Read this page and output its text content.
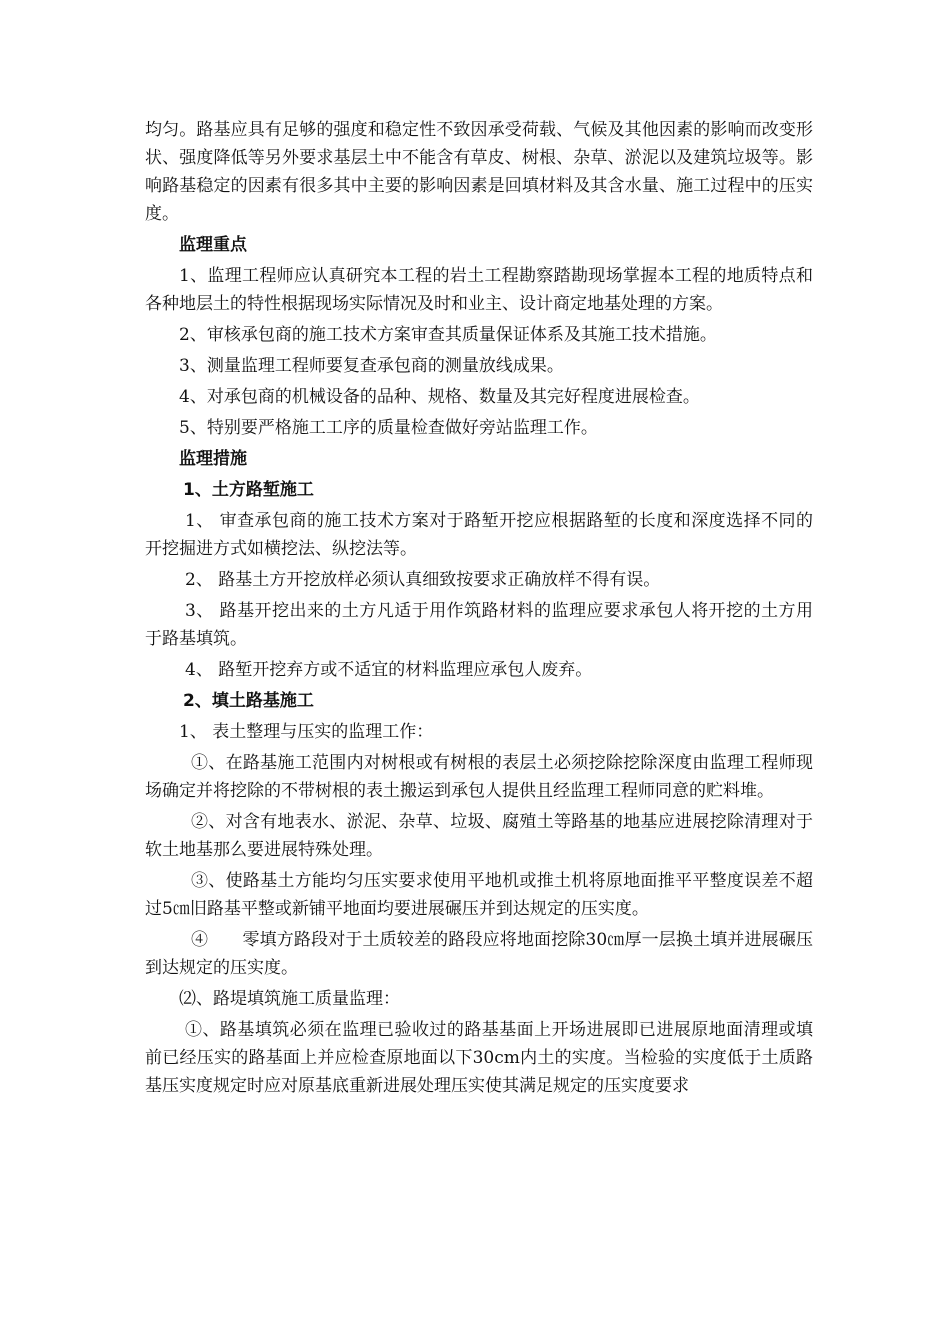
均匀。路基应具有足够的强度和稳定性不致因承受荷载、气候及其他因素的影响而改变形状、强度降低等另外要求基层土中不能含有草皮、树根、杂草、淤泥以及建筑垃圾等。影响路基稳定的因素有很多其中主要的影响因素是回填材料及其含水量、施工过程中的压实度。

监理重点

1、监理工程师应认真研究本工程的岩土工程勘察踏勘现场掌握本工程的地质特点和各种地层土的特性根据现场实际情况及时和业主、设计商定地基处理的方案。

2、审核承包商的施工技术方案审查其质量保证体系及其施工技术措施。

3、测量监理工程师要复查承包商的测量放线成果。

4、对承包商的机械设备的品种、规格、数量及其完好程度进展检查。

5、特别要严格施工工序的质量检查做好旁站监理工作。

监理措施

1、土方路堑施工

1、 审查承包商的施工技术方案对于路堑开挖应根据路堑的长度和深度选择不同的开挖掘进方式如横挖法、纵挖法等。

2、 路基土方开挖放样必须认真细致按要求正确放样不得有误。

3、 路基开挖出来的土方凡适于用作筑路材料的监理应要求承包人将开挖的土方用于路基填筑。

4、 路堑开挖弃方或不适宜的材料监理应承包人废弃。

2、填土路基施工

1、 表土整理与压实的监理工作：

①、在路基施工范围内对树根或有树根的表层土必须挖除挖除深度由监理工程师现场确定并将挖除的不带树根的表土搬运到承包人提供且经监理工程师同意的贮料堆。

②、对含有地表水、淤泥、杂草、垃圾、腐殖土等路基的地基应进展挖除清理对于软土地基那么要进展特殊处理。

③、使路基土方能均匀压实要求使用平地机或推土机将原地面推平平整度误差不超过5㎝旧路基平整或新铺平地面均要进展碾压并到达规定的压实度。

④　　零填方路段对于土质较差的路段应将地面挖除30㎝厚一层换土填并进展碾压到达规定的压实度。

⑵、路堤填筑施工质量监理：

①、路基填筑必须在监理已验收过的路基基面上开场进展即已进展原地面清理或填前已经压实的路基面上并应检查原地面以下30cm内土的实度。当检验的实度低于土质路基压实度规定时应对原基底重新进展处理压实使其满足规定的压实度要求
